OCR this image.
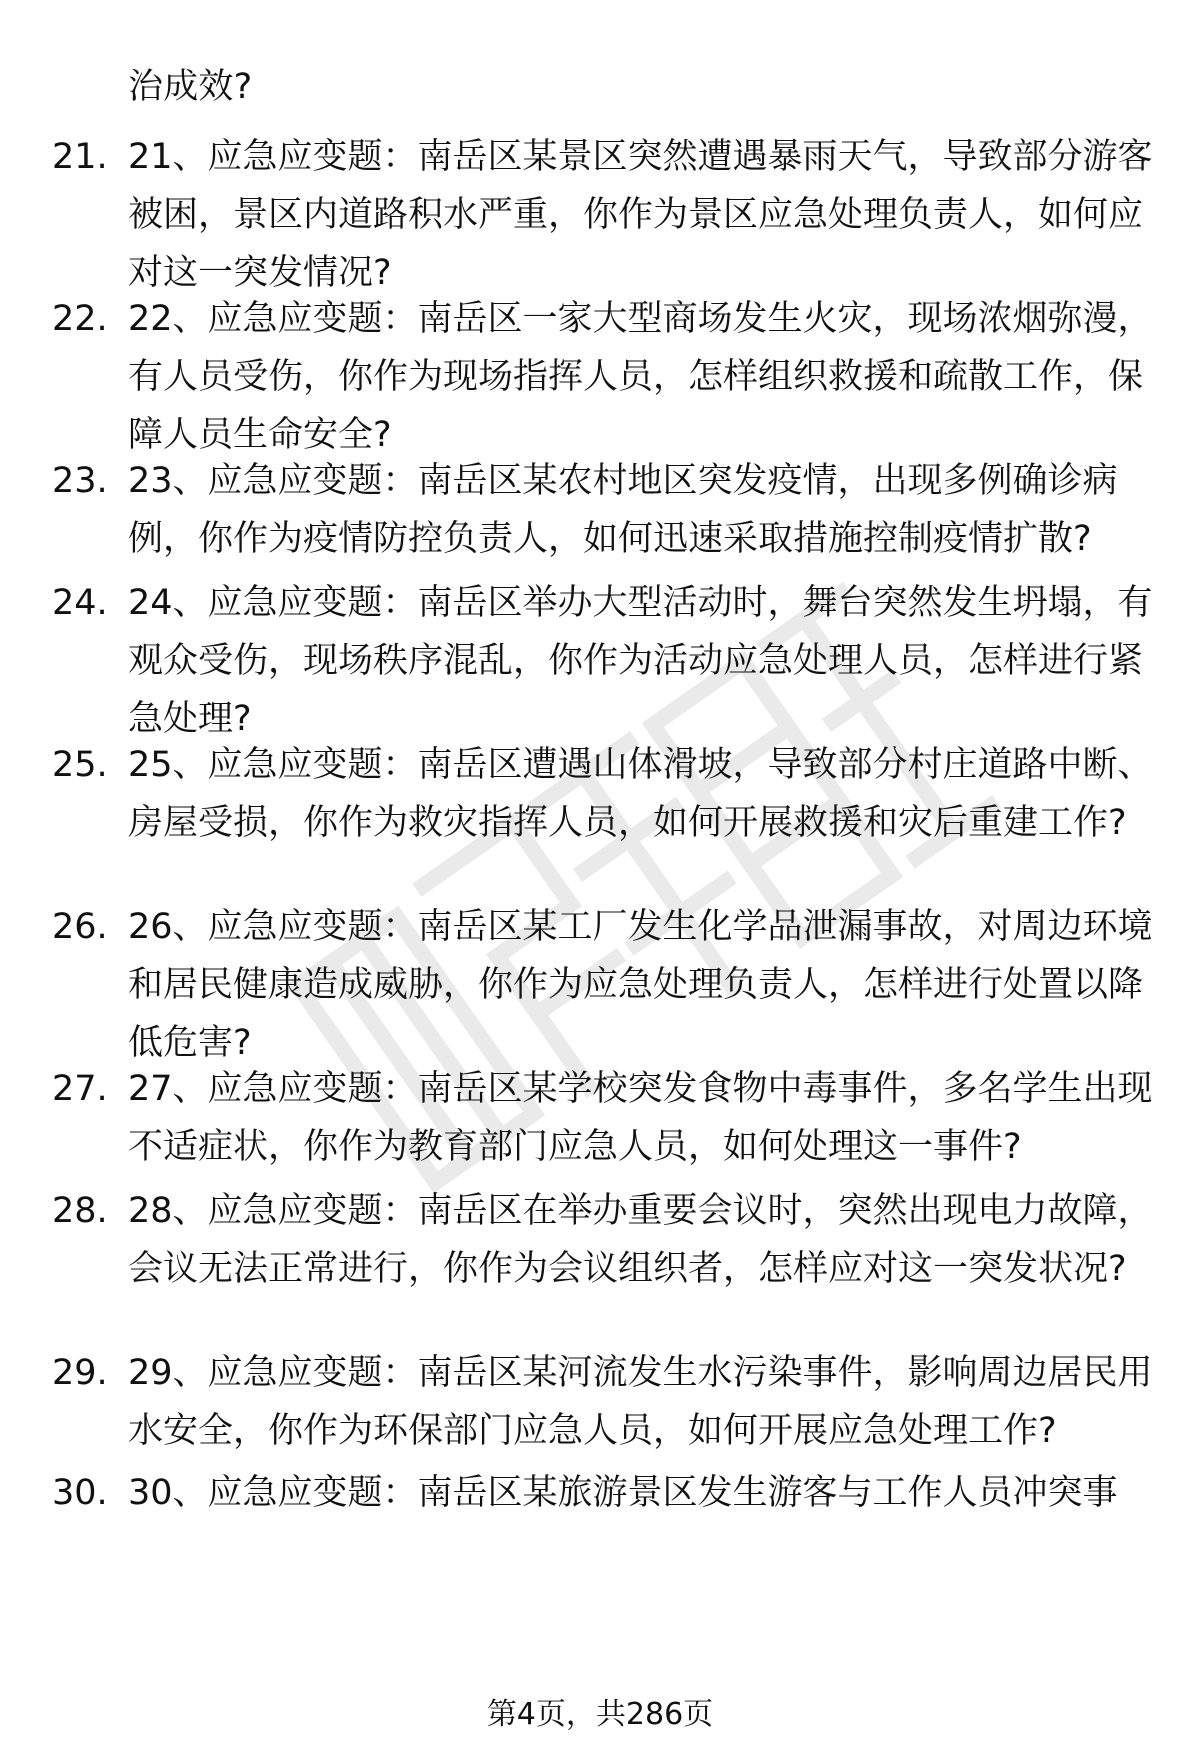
治成效?
21. 21、应急应变题：南岳区某景区突然遭遇暴雨天气，导致部分游客被困，景区内道路积水严重，你作为景区应急处理负责人，如何应对这一突发情况?
22. 22、应急应变题：南岳区一家大型商场发生火灾，现场浓烟弥漫，有人员受伤，你作为现场指挥人员，怎样组织救援和疏散工作，保障人员生命安全?
23. 23、应急应变题：南岳区某农村地区突发疫情，出现多例确诊病例，你作为疫情防控负责人，如何迅速采取措施控制疫情扩散?
24. 24、应急应变题：南岳区举办大型活动时，舞台突然发生坍塌，有观众受伤，现场秩序混乱，你作为活动应急处理人员，怎样进行紧急处理?
25. 25、应急应变题：南岳区遭遇山体滑坡，导致部分村庄道路中断、房屋受损，你作为救灾指挥人员，如何开展救援和灾后重建工作?
26. 26、应急应变题：南岳区某工厂发生化学品泄漏事故，对周边环境和居民健康造成威胁，你作为应急处理负责人，怎样进行处置以降低危害?
27. 27、应急应变题：南岳区某学校突发食物中毒事件，多名学生出现不适症状，你作为教育部门应急人员，如何处理这一事件?
28. 28、应急应变题：南岳区在举办重要会议时，突然出现电力故障，会议无法正常进行，你作为会议组织者，怎样应对这一突发状况?
29. 29、应急应变题：南岳区某河流发生水污染事件，影响周边居民用水安全，你作为环保部门应急人员，如何开展应急处理工作?
30. 30、应急应变题：南岳区某旅游景区发生游客与工作人员冲突事
第4页，共286页
